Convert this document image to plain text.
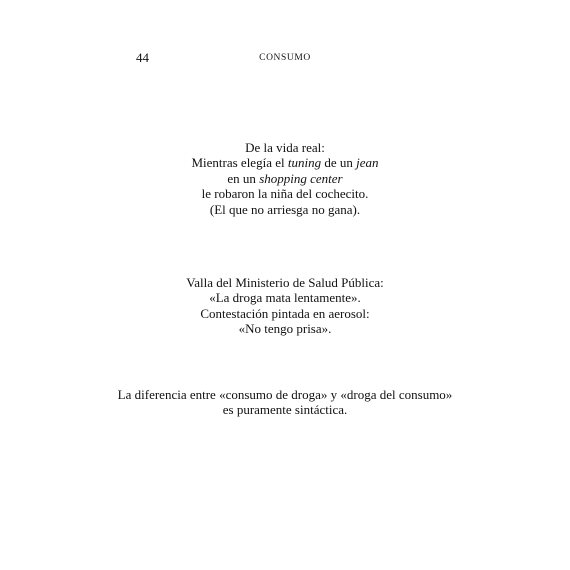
44	CONSUMO

De la vida real:

Mientras elegía el tuning de un jean

en un shopping center

le robaron la niña del cochecito.

(El que no arriesga no gana).

Valla del Ministerio de Salud Pública:

«La droga mata lentamente».

Contestación pintada en aerosol:

«No tengo prisa».

La diferencia entre «consumo de droga» y «droga del consumo»

es puramente sintáctica.
